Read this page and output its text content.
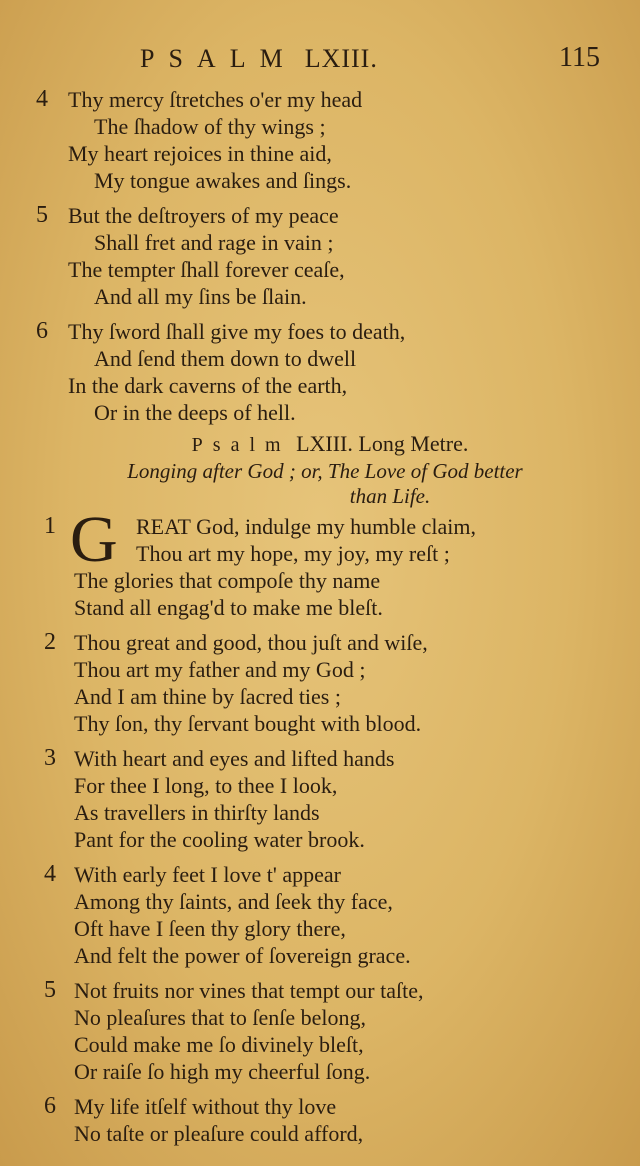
PSALM LXIII.	115
4 Thy mercy ſtretches o'er my head
The ſhadow of thy wings ;
My heart rejoices in thine aid,
My tongue awakes and ſings.
5 But the deſtroyers of my peace
Shall fret and rage in vain ;
The tempter ſhall forever ceaſe,
And all my ſins be ſlain.
6 Thy ſword ſhall give my foes to death,
And ſend them down to dwell
In the dark caverns of the earth,
Or in the deeps of hell.
Psalm LXIII. Long Metre.
Longing after God ; or, The Love of God better
than Life.
1 G REAT God, indulge my humble claim,
Thou art my hope, my joy, my reſt ;
The glories that compoſe thy name
Stand all engag'd to make me bleſt.
2 Thou great and good, thou juſt and wiſe,
Thou art my father and my God ;
And I am thine by ſacred ties ;
Thy ſon, thy ſervant bought with blood.
3 With heart and eyes and lifted hands
For thee I long, to thee I look,
As travellers in thirſty lands
Pant for the cooling water brook.
4 With early feet I love t' appear
Among thy ſaints, and ſeek thy face,
Oft have I ſeen thy glory there,
And felt the power of ſovereign grace.
5 Not fruits nor vines that tempt our taſte,
No pleaſures that to ſenſe belong,
Could make me ſo divinely bleſt,
Or raiſe ſo high my cheerful ſong.
6 My life itſelf without thy love
No taſte or pleaſure could afford,
